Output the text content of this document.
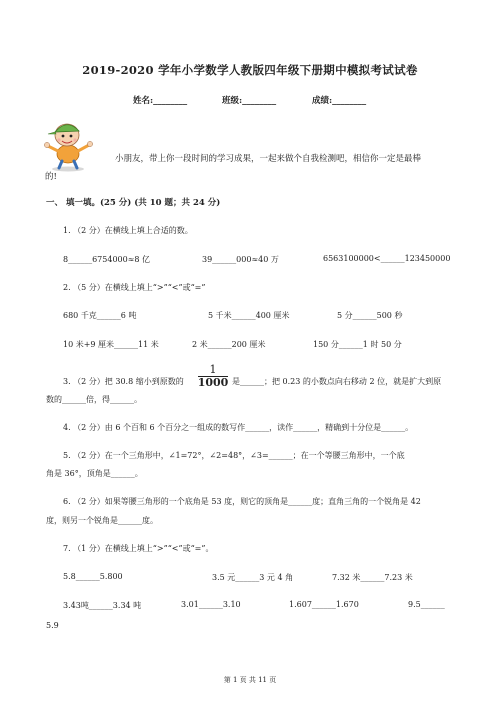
2019-2020 学年小学数学人教版四年级下册期中模拟考试试卷
姓名:________	班级:________	成绩:________
小朋友，带上你一段时间的学习成果，一起来做个自我检测吧，相信你一定是最棒
的!
一、 填一填。(25 分) (共 10 题；共 24 分)
1. （2 分）在横线上填上合适的数。
8______6754000≈8 亿	39______000≈40 万	6563100000<______123450000
2. （5 分）在横线上填上“>”“<”或“=”
680 千克______6 吨	5 千米______400 厘米	5 分______500 秒
10 米+9 厘米______11 米	2 米______200 厘米	150 分______1 时 50 分
3. （2 分）把 30.8 缩小到原数的
1
1000 是______；把 0.23 的小数点向右移动 2 位，就是扩大到原
数的______倍，得______。
4. （2 分）由 6 个百和 6 个百分之一组成的数写作______，读作______，精确到十分位是______。
5. （2 分）在一个三角形中，∠1=72°，∠2=48°，∠3=______；在一个等腰三角形中，一个底
角是 36°，顶角是______。
6. （2 分）如果等腰三角形的一个底角是 53 度，则它的顶角是______度；直角三角的一个锐角是 42
度，则另一个锐角是______度。
7. （1 分）在横线上填上“>”“<”或“=”。
5.8______5.800	3.5 元______3 元 4 角	7.32 米______7.23 米
3.43吨______3.34 吨	3.01______3.10	1.607______1.670	9.5______
5.9
第 1 页 共 11 页
